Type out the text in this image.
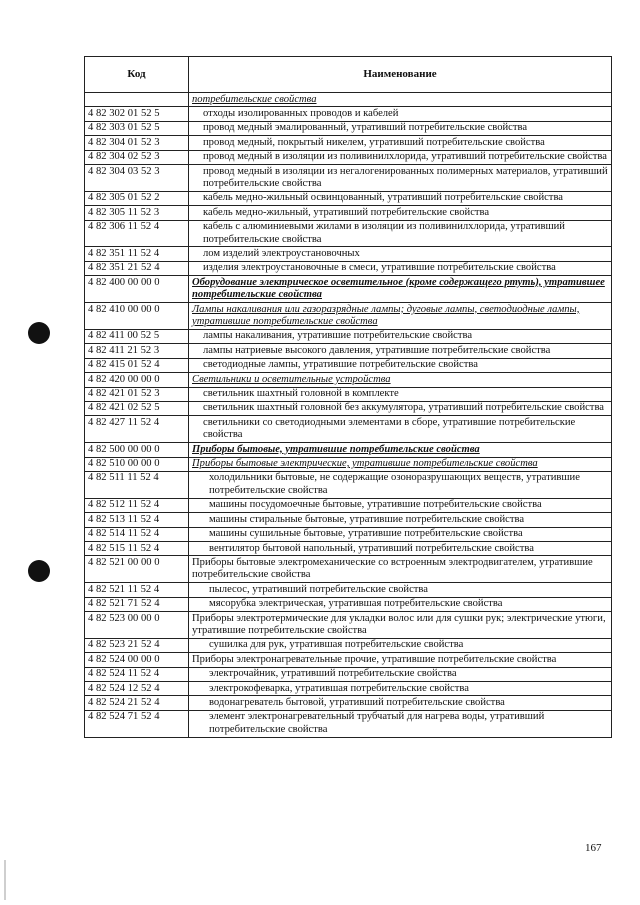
Код	Наименование
	потребительские свойства
4 82 302 01 52 5	отходы изолированных проводов и кабелей
4 82 303 01 52 5	провод медный эмалированный, утративший потребительские свойства
4 82 304 01 52 3	провод медный, покрытый никелем, утративший потребительские свойства
4 82 304 02 52 3	провод медный в изоляции из поливинилхлорида, утративший потребительские свойства
4 82 304 03 52 3	провод медный в изоляции из негалогенированных полимерных материалов, утративший потребительские свойства
4 82 305 01 52 2	кабель медно-жильный освинцованный, утративший потребительские свойства
4 82 305 11 52 3	кабель медно-жильный, утративший потребительские свойства
4 82 306 11 52 4	кабель с алюминиевыми жилами в изоляции из поливинилхлорида, утративший потребительские свойства
4 82 351 11 52 4	лом изделий электроустановочных
4 82 351 21 52 4	изделия электроустановочные в смеси, утратившие потребительские свойства
4 82 400 00 00 0	Оборудование электрическое осветительное (кроме содержащего ртуть), утратившее потребительские свойства
4 82 410 00 00 0	Лампы накаливания или газоразрядные лампы; дуговые лампы, светодиодные лампы, утратившие потребительские свойства
4 82 411 00 52 5	лампы накаливания, утратившие потребительские свойства
4 82 411 21 52 3	лампы натриевые высокого давления, утратившие потребительские свойства
4 82 415 01 52 4	светодиодные лампы, утратившие потребительские свойства
4 82 420 00 00 0	Светильники и осветительные устройства
4 82 421 01 52 3	светильник шахтный головной в комплекте
4 82 421 02 52 5	светильник шахтный головной без аккумулятора, утративший потребительские свойства
4 82 427 11 52 4	светильники со светодиодными элементами в сборе, утратившие потребительские свойства
4 82 500 00 00 0	Приборы бытовые, утратившие потребительские свойства
4 82 510 00 00 0	Приборы бытовые электрические, утратившие потребительские свойства
4 82 511 11 52 4	холодильники бытовые, не содержащие озоноразрушающих веществ, утратившие потребительские свойства
4 82 512 11 52 4	машины посудомоечные бытовые, утратившие потребительские свойства
4 82 513 11 52 4	машины стиральные бытовые, утратившие потребительские свойства
4 82 514 11 52 4	машины сушильные бытовые, утратившие потребительские свойства
4 82 515 11 52 4	вентилятор бытовой напольный, утративший потребительские свойства
4 82 521 00 00 0	Приборы бытовые электромеханические со встроенным электродвигателем, утратившие потребительские свойства
4 82 521 11 52 4	пылесос, утративший потребительские свойства
4 82 521 71 52 4	мясорубка электрическая, утратившая потребительские свойства
4 82 523 00 00 0	Приборы электротермические для укладки волос или для сушки рук; электрические утюги, утратившие потребительские свойства
4 82 523 21 52 4	сушилка для рук, утратившая потребительские свойства
4 82 524 00 00 0	Приборы электронагревательные прочие, утратившие потребительские свойства
4 82 524 11 52 4	электрочайник, утративший потребительские свойства
4 82 524 12 52 4	электрокофеварка, утратившая потребительские свойства
4 82 524 21 52 4	водонагреватель бытовой, утративший потребительские свойства
4 82 524 71 52 4	элемент электронагревательный трубчатый для нагрева воды, утративший потребительские свойства
167
